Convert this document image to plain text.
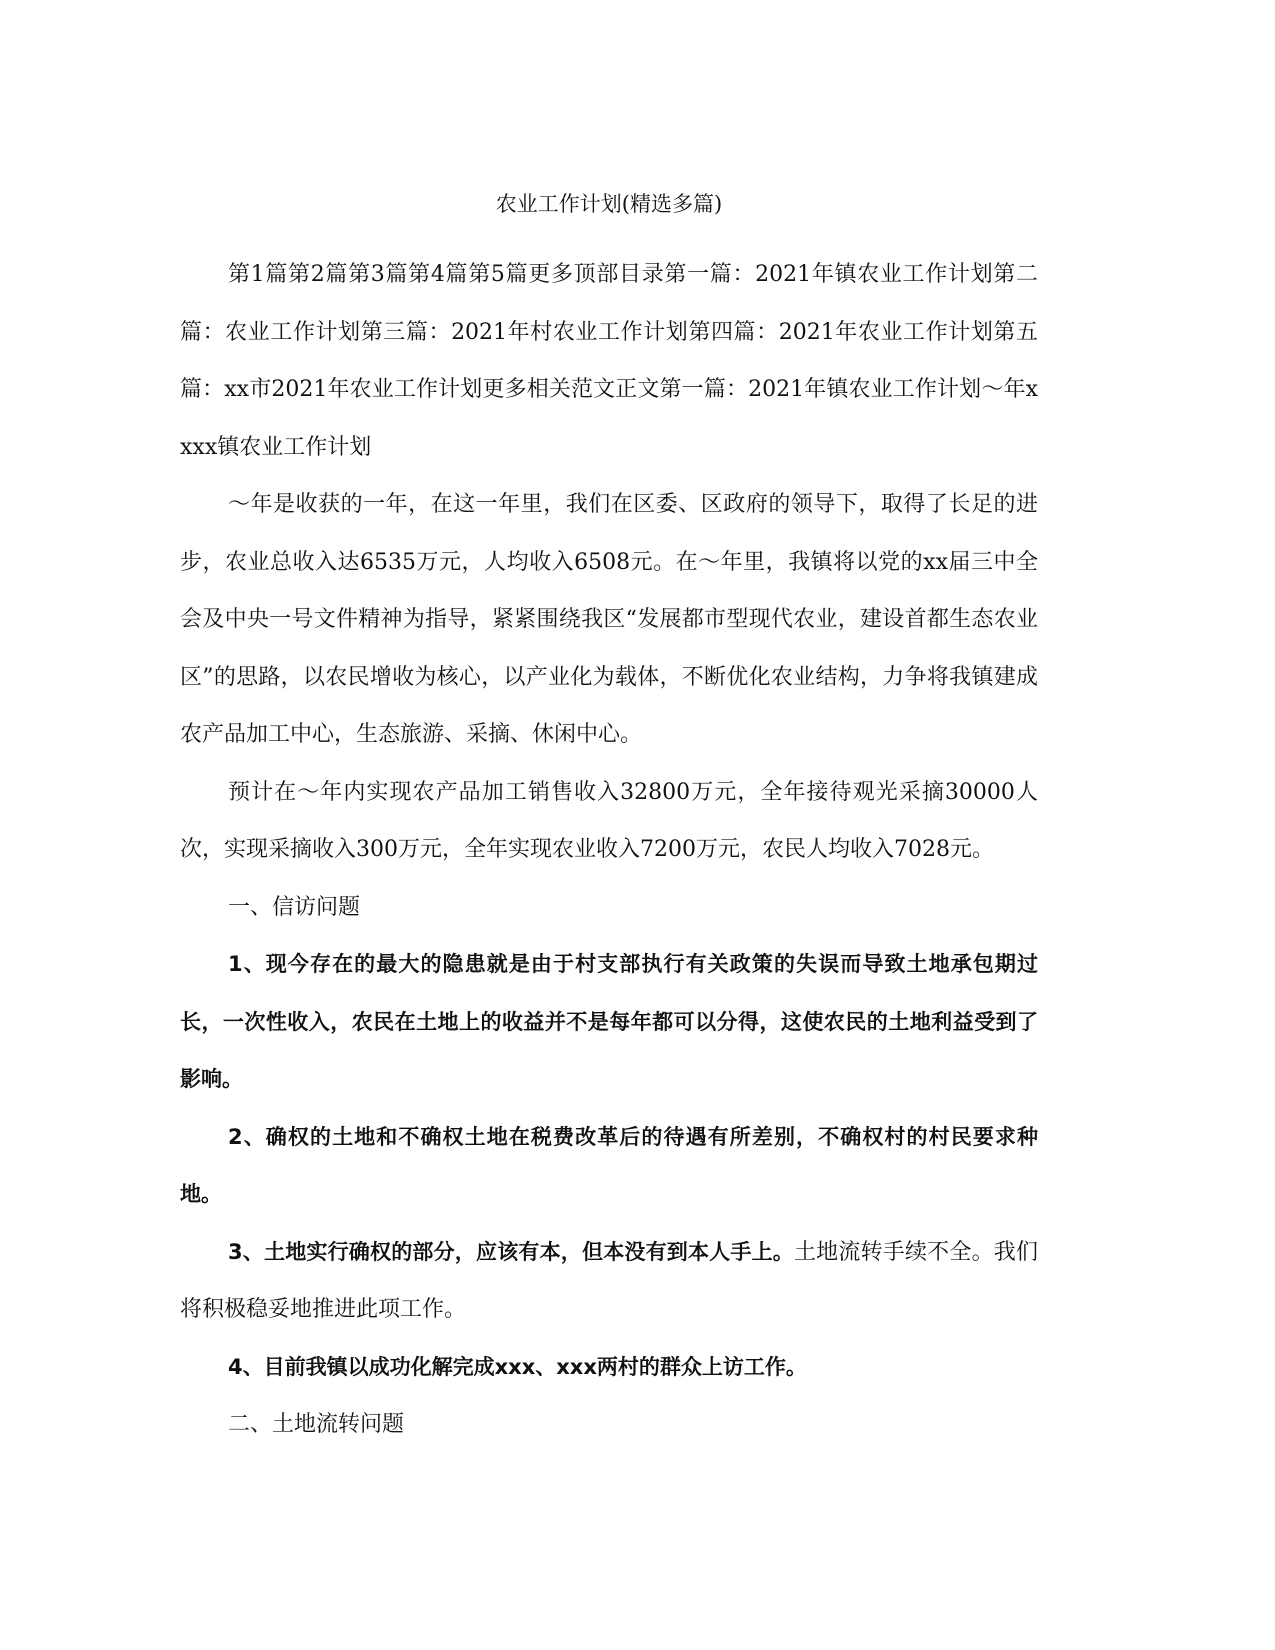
农业工作计划(精选多篇)

第1篇第2篇第3篇第4篇第5篇更多顶部目录第一篇：2021年镇农业工作计划第二篇：农业工作计划第三篇：2021年村农业工作计划第四篇：2021年农业工作计划第五篇：xx市2021年农业工作计划更多相关范文正文第一篇：2021年镇农业工作计划～年xxxx镇农业工作计划

～年是收获的一年，在这一年里，我们在区委、区政府的领导下，取得了长足的进步，农业总收入达6535万元，人均收入6508元。在～年里，我镇将以党的xx届三中全会及中央一号文件精神为指导，紧紧围绕我区“发展都市型现代农业，建设首都生态农业区”的思路，以农民增收为核心，以产业化为载体，不断优化农业结构，力争将我镇建成农产品加工中心，生态旅游、采摘、休闲中心。

预计在～年内实现农产品加工销售收入32800万元，全年接待观光采摘30000人次，实现采摘收入300万元，全年实现农业收入7200万元，农民人均收入7028元。

一、信访问题

1、现今存在的最大的隐患就是由于村支部执行有关政策的失误而导致土地承包期过长，一次性收入，农民在土地上的收益并不是每年都可以分得，这使农民的土地利益受到了影响。

2、确权的土地和不确权土地在税费改革后的待遇有所差别，不确权村的村民要求种地。

3、土地实行确权的部分，应该有本，但本没有到本人手上。土地流转手续不全。我们将积极稳妥地推进此项工作。

4、目前我镇以成功化解完成xxx、xxx两村的群众上访工作。

二、土地流转问题
